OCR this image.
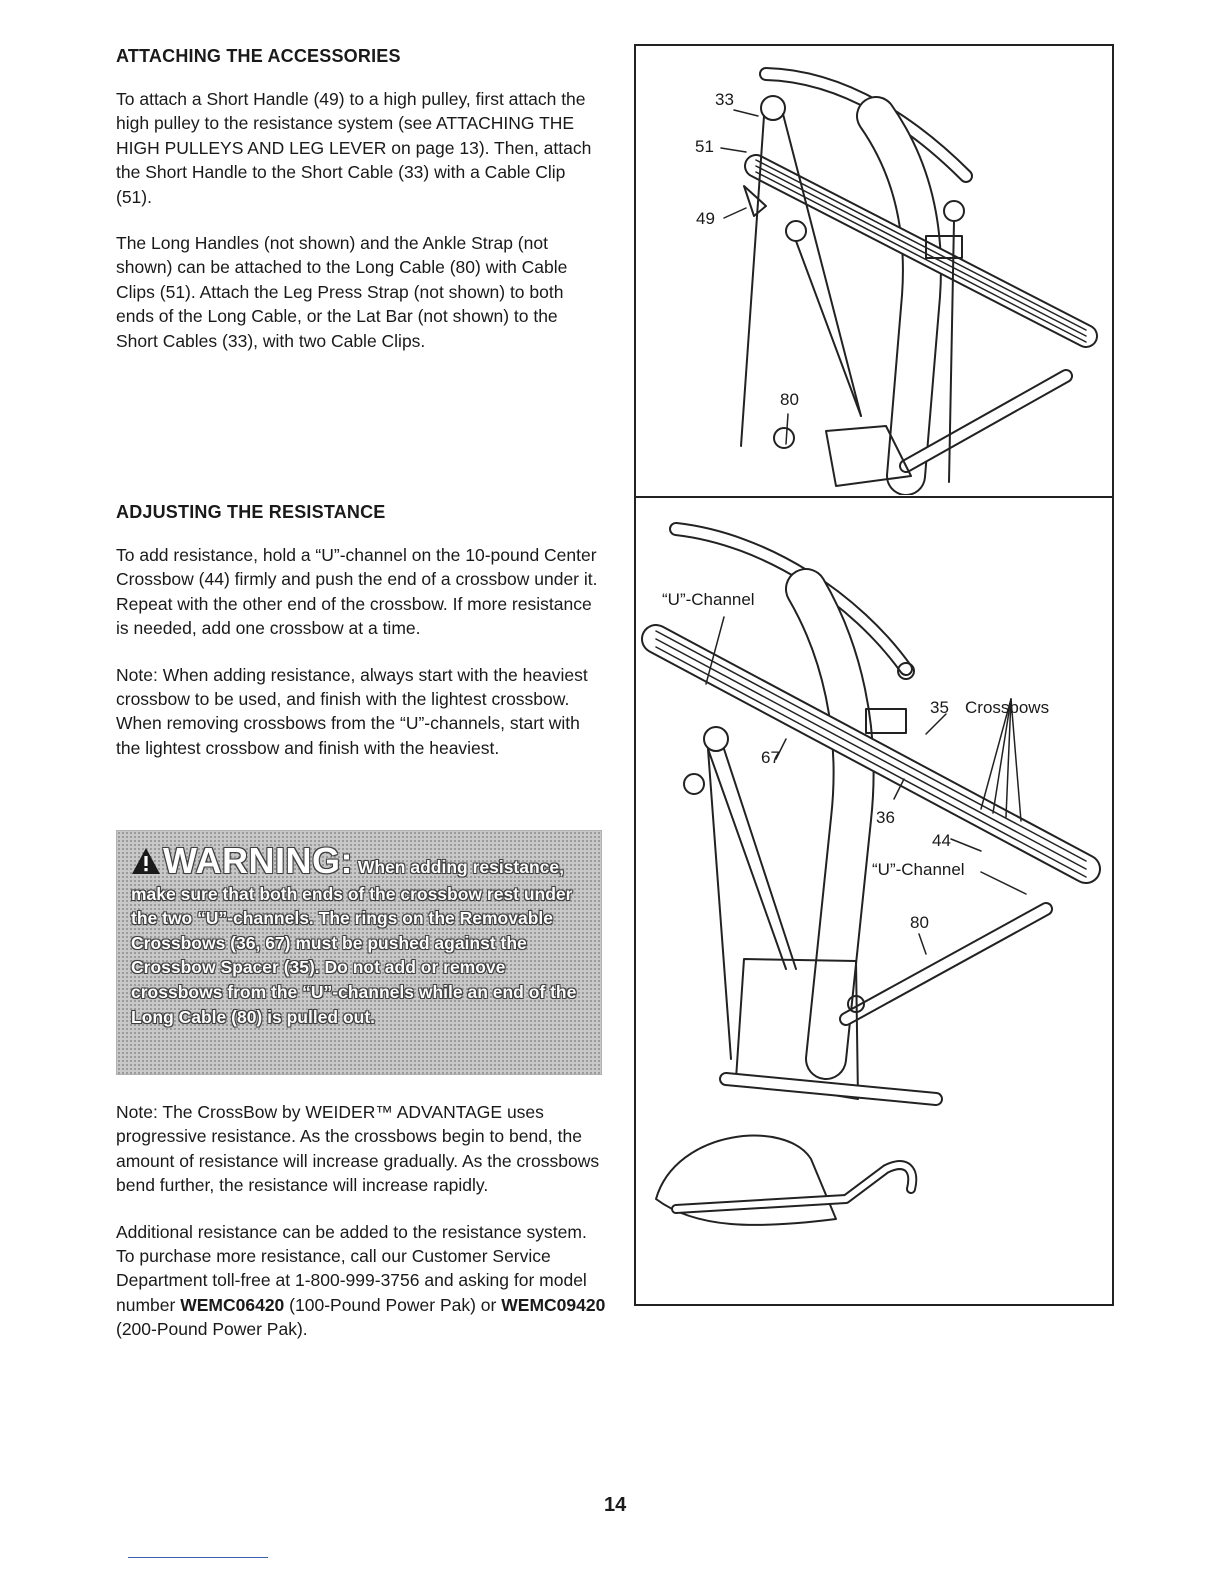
ATTACHING THE ACCESSORIES

To attach a Short Handle (49) to a high pulley, first attach the high pulley to the resistance system (see ATTACHING THE HIGH PULLEYS AND LEG LEVER on page 13). Then, attach the Short Handle to the Short Cable (33) with a Cable Clip (51).

The Long Handles (not shown) and the Ankle Strap (not shown) can be attached to the Long Cable (80) with Cable Clips (51). Attach the Leg Press Strap (not shown) to both ends of the Long Cable, or the Lat Bar (not shown) to the Short Cables (33), with two Cable Clips.

ADJUSTING THE RESISTANCE

To add resistance, hold a “U”-channel on the 10-pound Center Crossbow (44) firmly and push the end of a crossbow under it. Repeat with the other end of the crossbow. If more resistance is needed, add one crossbow at a time.

Note: When adding resistance, always start with the heaviest crossbow to be used, and finish with the lightest crossbow. When removing crossbows from the “U”-channels, start with the lightest crossbow and finish with the heaviest.

WARNING: When adding resistance, make sure that both ends of the crossbow rest under the two “U”-channels. The rings on the Removable Crossbows (36, 67) must be pushed against the Crossbow Spacer (35). Do not add or remove crossbows from the “U”-channels while an end of the Long Cable (80) is pulled out.

Note: The CrossBow by WEIDER™ ADVANTAGE uses progressive resistance. As the crossbows begin to bend, the amount of resistance will increase gradually. As the crossbows bend further, the resistance will increase rapidly.

Additional resistance can be added to the resistance system. To purchase more resistance, call our Customer Service Department toll-free at 1-800-999-3756 and asking for model number WEMC06420 (100-Pound Power Pak) or WEMC09420 (200-Pound Power Pak).

33
51
49
80
“U”-Channel
Crossbows
35
67
36
44
“U”-Channel
80
14
